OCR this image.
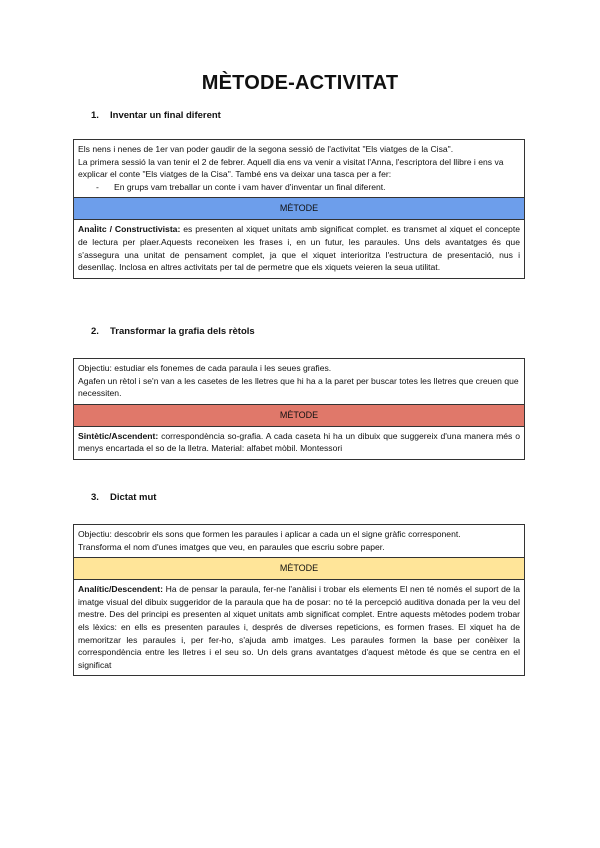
MÈTODE-ACTIVITAT
1. Inventar un final diferent

Els nens i nenes de 1er van poder gaudir de la segona sessió de l'activitat "Els viatges de la Cisa".

La primera sessió la van tenir el 2 de febrer. Aquell dia ens va venir a visitat l'Anna, l'escriptora del llibre i ens va explicar el conte "Els viatges de la Cisa". També ens va deixar una tasca per a fer:

-	En grups vam treballar un conte i vam haver d'inventar un final diferent.
MÈTODE
Anal̀itc / Constructivista: es presenten al xiquet unitats amb significat complet. es transmet al xiquet el concepte de lectura per plaer.Aquests reconeixen les frases i, en un futur, les paraules. Uns dels avantatges és que s'assegura una unitat de pensament complet, ja que el xiquet interioritza l'estructura de presentació, nus i desenllaç. Inclosa en altres activitats per tal de permetre que els xiquets veieren la seua utilitat.
2. Transformar la grafia dels rètols

Objectiu: estudiar els fonemes de cada paraula i les seues grafies.

Agafen un rètol i se'n van a les casetes de les lletres que hi ha a la paret per buscar totes les lletres que creuen que necessiten.

MÈTODE
Sintètic/Ascendent: correspondència so-grafia. A cada caseta hi ha un dibuix que suggereix d'una manera més o menys encartada el so de la lletra. Material: alfabet mòbil. Montessori
3. Dictat mut

Objectiu: descobrir els sons que formen les paraules i aplicar a cada un el signe gràfic corresponent.

Transforma el nom d'unes imatges que veu, en paraules que escriu sobre paper.

MÈTODE
Analític/Descendent: Ha de pensar la paraula, fer-ne l'anàlisi i trobar els elements El nen té només el suport de la imatge visual del dibuix suggeridor de la paraula que ha de posar: no té la percepció auditiva donada per la veu del mestre. Des del principi es presenten al xiquet unitats amb significat complet. Entre aquests mètodes podem trobar els lèxics: en ells es presenten paraules i, després de diverses repeticions, es formen frases. El xiquet ha de memoritzar les paraules i, per fer-ho, s'ajuda amb imatges. Les paraules formen la base per conèixer la correspondència entre les lletres i el seu so. Un dels grans avantatges d'aquest mètode és que se centra en el significat
